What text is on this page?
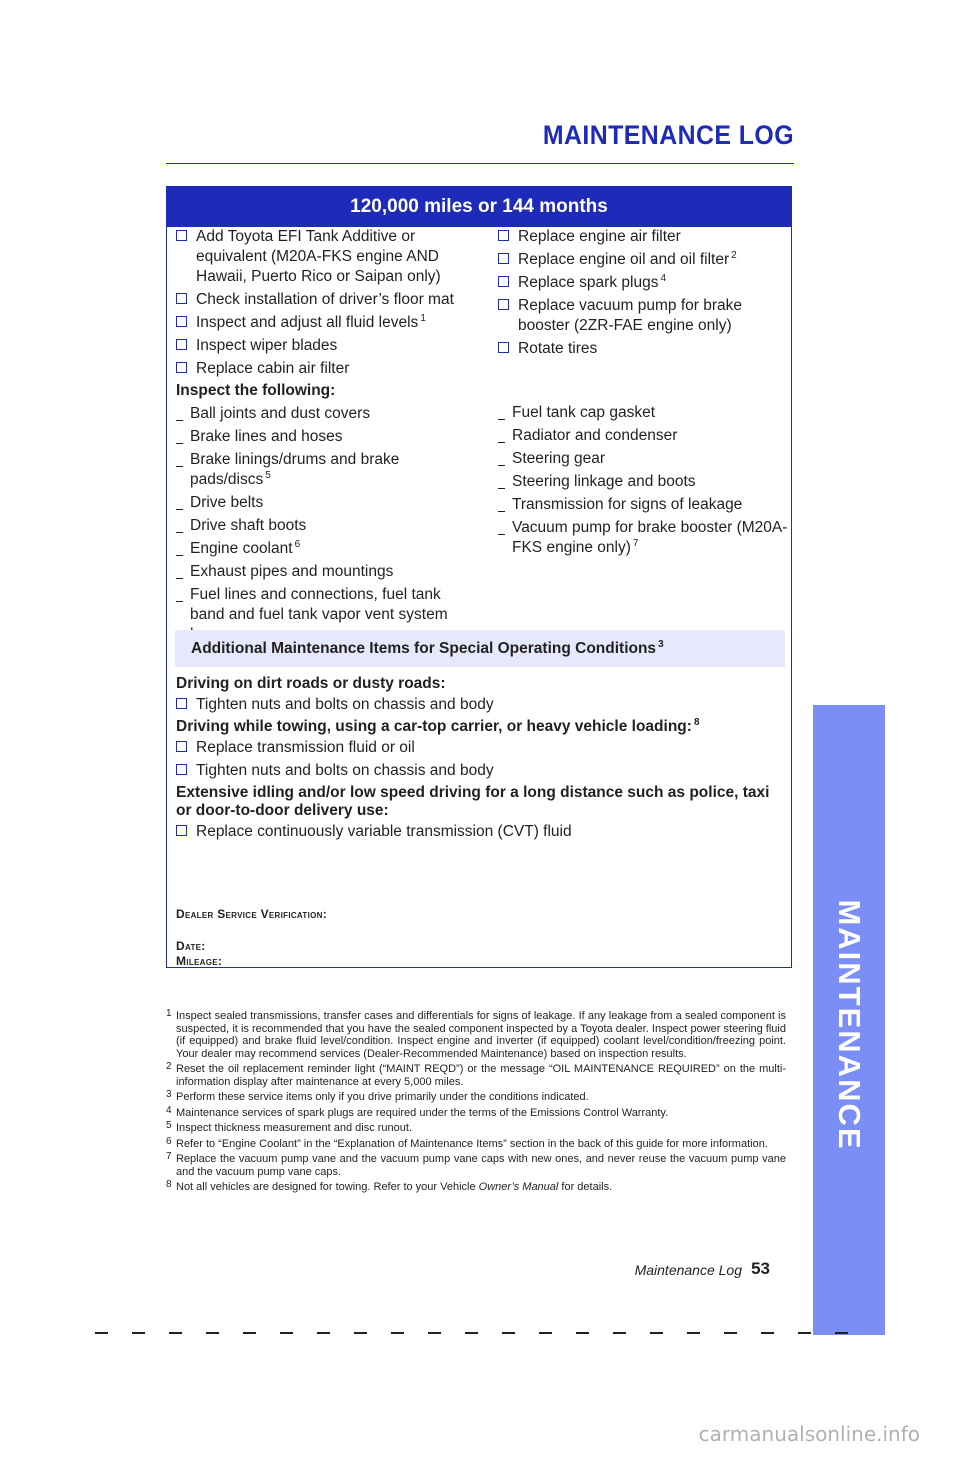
MAINTENANCE LOG
120,000 miles or 144 months
Add Toyota EFI Tank Additive or equivalent (M20A-FKS engine AND Hawaii, Puerto Rico or Saipan only)
Check installation of driver’s floor mat
Inspect and adjust all fluid levels $^1$
Inspect wiper blades
Replace cabin air filter
Inspect the following:
Replace engine air filter
Replace engine oil and oil filter $^2$
Replace spark plugs $^4$
Replace vacuum pump for brake booster (2ZR-FAE engine only)
Rotate tires
Ball joints and dust covers
Brake lines and hoses
Brake linings/drums and brake pads/discs $^5$
Drive belts
Drive shaft boots
Engine coolant $^6$
Exhaust pipes and mountings
Fuel lines and connections, fuel tank band and fuel tank vapor vent system
Fuel tank cap gasket
Radiator and condenser
Steering gear
Steering linkage and boots
Transmission for signs of leakage
Vacuum pump for brake booster (M20A-FKS engine only) $^7$
Additional Maintenance Items for Special Operating Conditions $^3$
Driving on dirt roads or dusty roads:
Tighten nuts and bolts on chassis and body
Driving while towing, using a car-top carrier, or heavy vehicle loading: $^8$
Replace transmission fluid or oil
Tighten nuts and bolts on chassis and body
Extensive idling and/or low speed driving for a long distance such as police, taxi or door-to-door delivery use:
Replace continuously variable transmission (CVT) fluid
Dealer Service Verification:
Date:
Mileage:
1 Inspect sealed transmissions, transfer cases and differentials for signs of leakage. If any leakage from a sealed component is suspected, it is recommended that you have the sealed component inspected by a Toyota dealer. Inspect power steering fluid (if equipped) and brake fluid level/condition. Inspect engine and inverter (if equipped) coolant level/condition/freezing point. Your dealer may recommend services (Dealer-Recommended Maintenance) based on inspection results.
2 Reset the oil replacement reminder light (“MAINT REQD”) or the message “OIL MAINTENANCE REQUIRED” on the multi-information display after maintenance at every 5,000 miles.
3 Perform these service items only if you drive primarily under the conditions indicated.
4 Maintenance services of spark plugs are required under the terms of the Emissions Control Warranty.
5 Inspect thickness measurement and disc runout.
6 Refer to “Engine Coolant” in the “Explanation of Maintenance Items” section in the back of this guide for more information.
7 Replace the vacuum pump vane and the vacuum pump vane caps with new ones, and never reuse the vacuum pump vane and the vacuum pump vane caps.
8 Not all vehicles are designed for towing. Refer to your Vehicle Owner’s Manual for details.
Maintenance Log 53
MAINTENANCE
carmanualsonline.info
